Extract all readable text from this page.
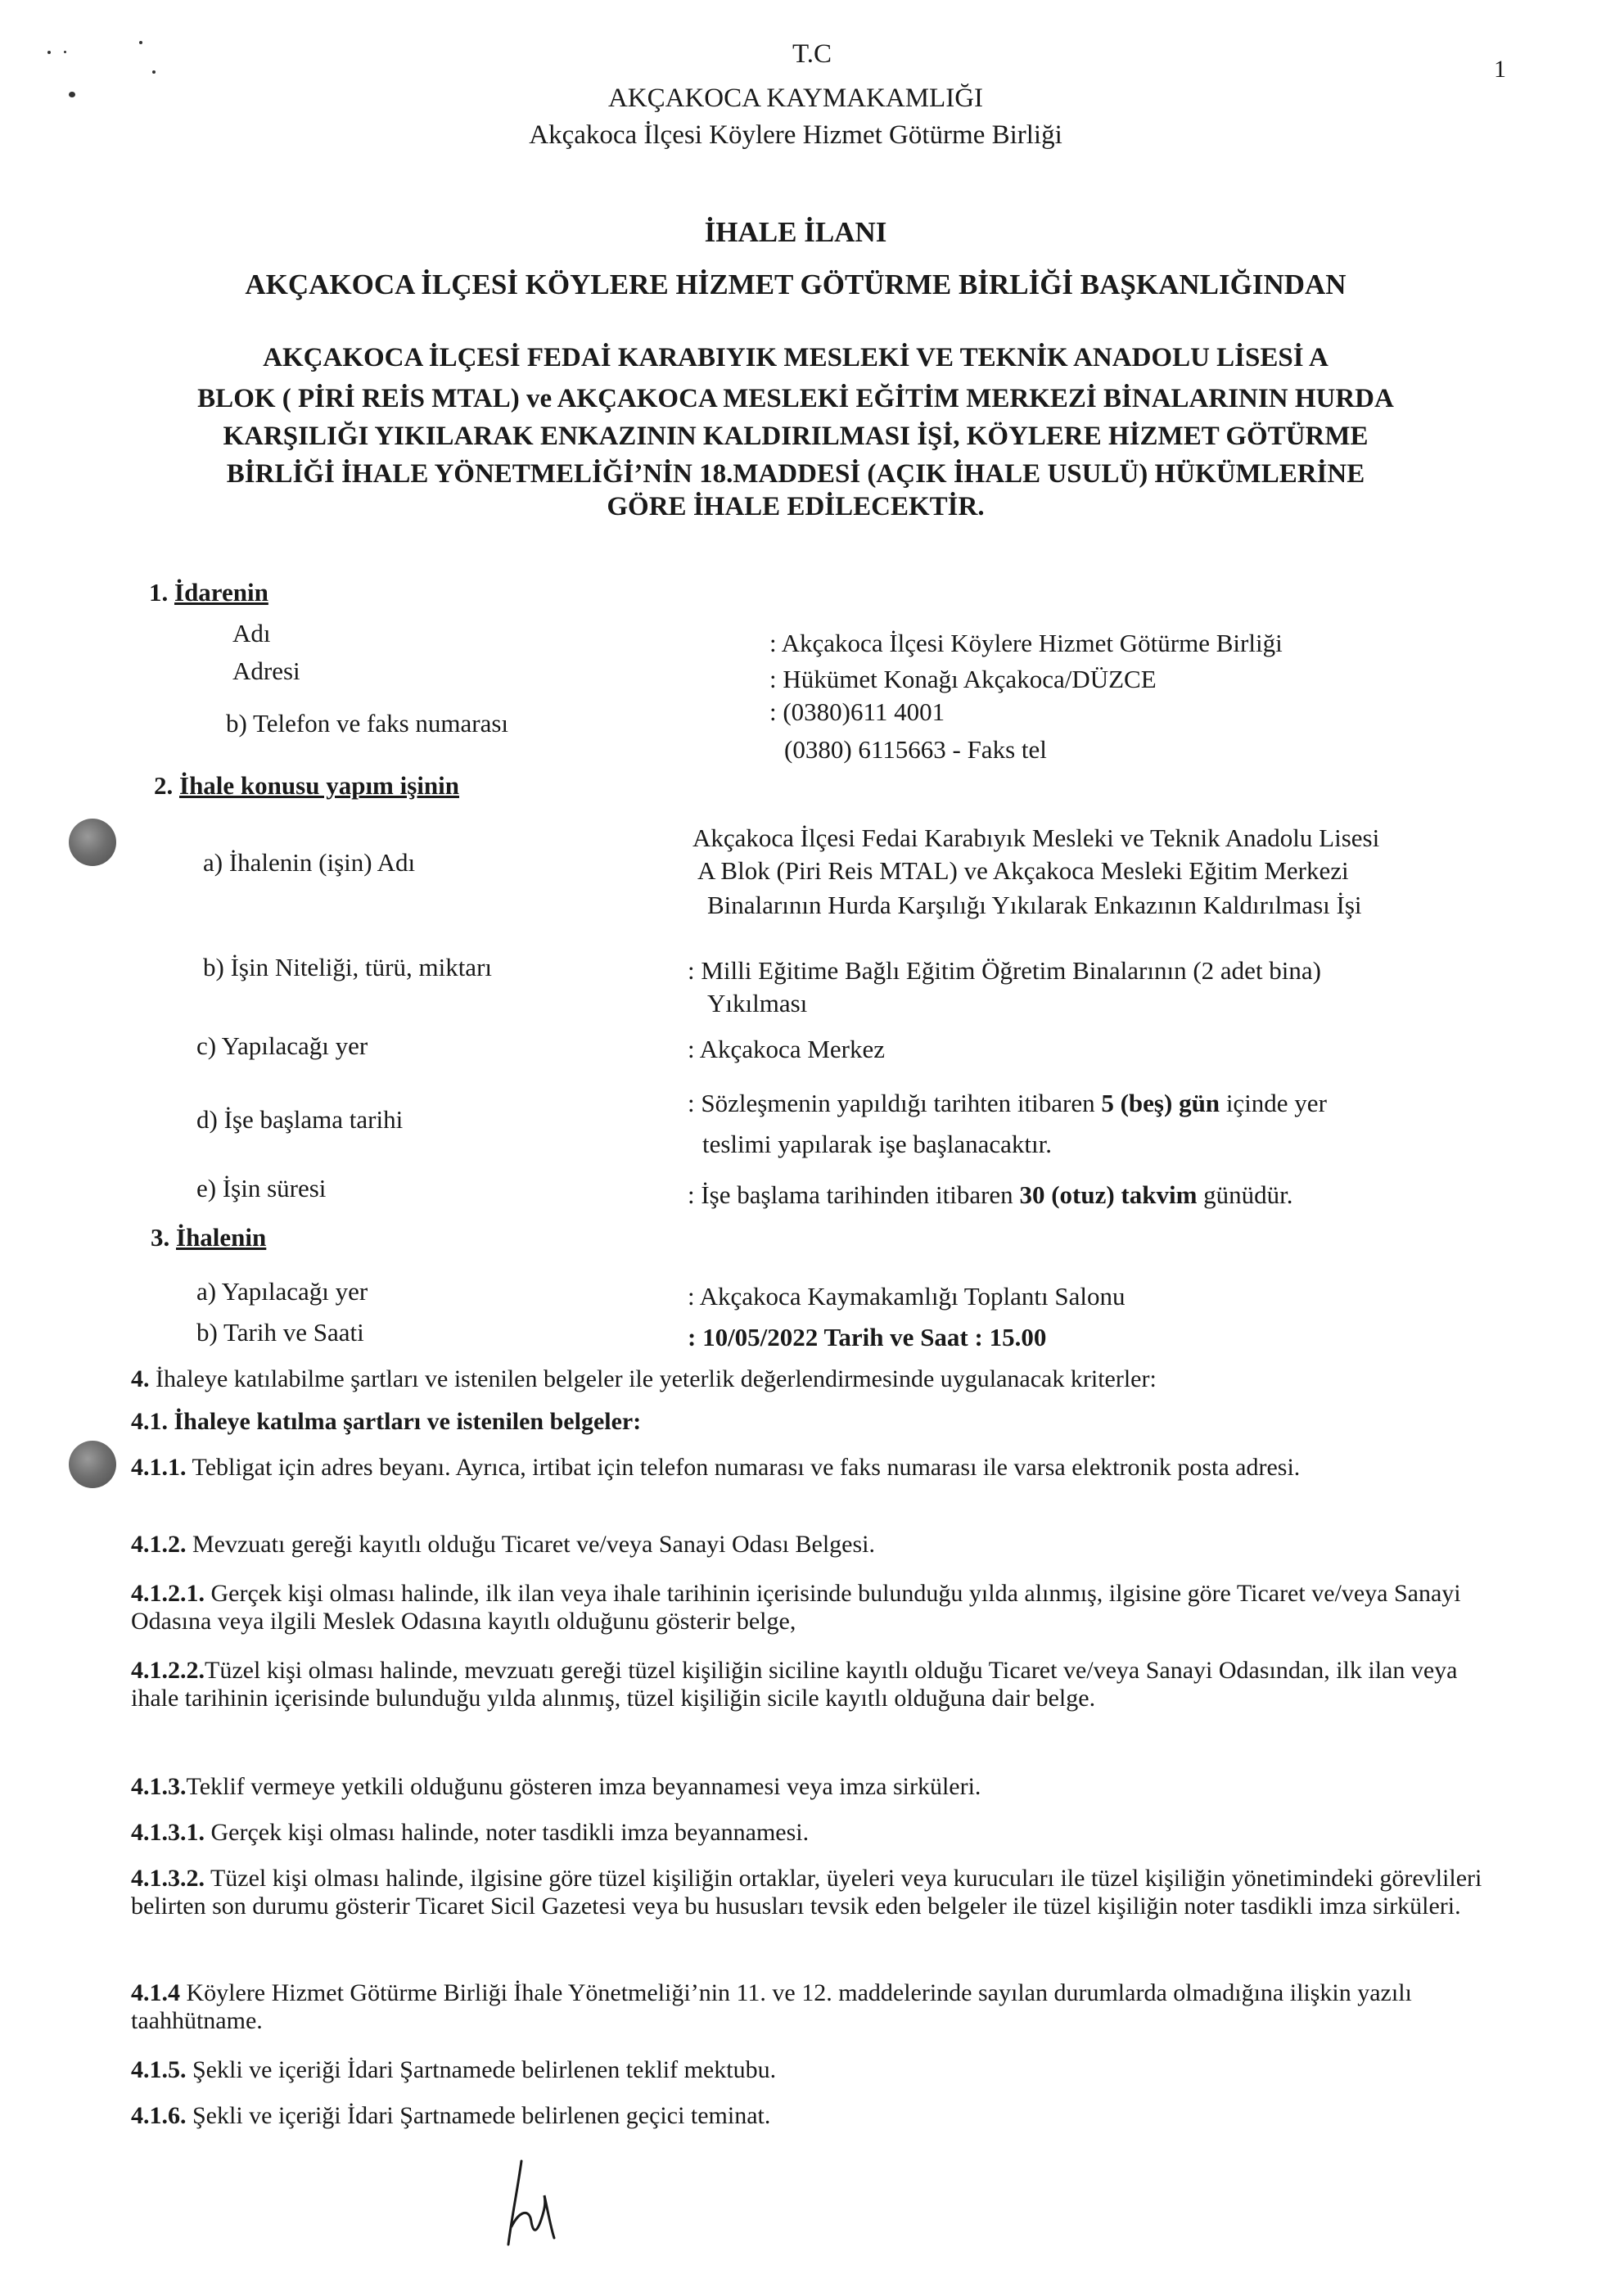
1
T.C
AKÇAKOCA KAYMAKAMLIĞI
Akçakoca İlçesi Köylere Hizmet Götürme Birliği
İHALE İLANI
AKÇAKOCA İLÇESİ KÖYLERE HİZMET GÖTÜRME BİRLİĞİ BAŞKANLIĞINDAN
AKÇAKOCA İLÇESİ FEDAİ KARABIYIK MESLEKİ VE TEKNİK ANADOLU LİSESİ A
BLOK ( PİRİ REİS MTAL) ve AKÇAKOCA MESLEKİ EĞİTİM MERKEZİ BİNALARININ HURDA
KARŞILIĞI YIKILARAK ENKAZININ KALDIRILMASI İŞİ, KÖYLERE HİZMET GÖTÜRME
BİRLİĞİ İHALE YÖNETMELİĞİ’NİN 18.MADDESİ (AÇIK İHALE USULÜ) HÜKÜMLERİNE
GÖRE İHALE EDİLECEKTİR.
1. İdarenin
Adı	: Akçakoca İlçesi Köylere Hizmet Götürme Birliği
Adresi	: Hükümet Konağı Akçakoca/DÜZCE
b) Telefon ve faks numarası	: (0380)611 4001
(0380) 6115663 - Faks tel
2. İhale konusu yapım işinin
a) İhalenin (işin) Adı
Akçakoca İlçesi Fedai Karabıyık Mesleki ve Teknik Anadolu Lisesi
A Blok (Piri Reis MTAL) ve Akçakoca Mesleki Eğitim Merkezi
Binalarının Hurda Karşılığı Yıkılarak Enkazının Kaldırılması İşi
b) İşin Niteliği, türü, miktarı	: Milli Eğitime Bağlı Eğitim Öğretim Binalarının (2 adet bina)
Yıkılması
c) Yapılacağı yer	: Akçakoca Merkez
d) İşe başlama tarihi
: Sözleşmenin yapıldığı tarihten itibaren 5 (beş) gün içinde yer
teslimi yapılarak işe başlanacaktır.
e) İşin süresi	: İşe başlama tarihinden itibaren 30 (otuz) takvim günüdür.
3. İhalenin
a) Yapılacağı yer	: Akçakoca Kaymakamlığı Toplantı Salonu
b) Tarih ve Saati	: 10/05/2022 Tarih ve Saat : 15.00
4. İhaleye katılabilme şartları ve istenilen belgeler ile yeterlik değerlendirmesinde uygulanacak kriterler:
4.1. İhaleye katılma şartları ve istenilen belgeler:
4.1.1. Tebligat için adres beyanı. Ayrıca, irtibat için telefon numarası ve faks numarası ile varsa elektronik posta adresi.
4.1.2. Mevzuatı gereği kayıtlı olduğu Ticaret ve/veya Sanayi Odası Belgesi.
4.1.2.1. Gerçek kişi olması halinde, ilk ilan veya ihale tarihinin içerisinde bulunduğu yılda alınmış, ilgisine göre Ticaret ve/veya Sanayi Odasına veya ilgili Meslek Odasına kayıtlı olduğunu gösterir belge,
4.1.2.2.Tüzel kişi olması halinde, mevzuatı gereği tüzel kişiliğin siciline kayıtlı olduğu Ticaret ve/veya Sanayi Odasından, ilk ilan veya ihale tarihinin içerisinde bulunduğu yılda alınmış, tüzel kişiliğin sicile kayıtlı olduğuna dair belge.
4.1.3.Teklif vermeye yetkili olduğunu gösteren imza beyannamesi veya imza sirküleri.
4.1.3.1. Gerçek kişi olması halinde, noter tasdikli imza beyannamesi.
4.1.3.2. Tüzel kişi olması halinde, ilgisine göre tüzel kişiliğin ortaklar, üyeleri veya kurucuları ile tüzel kişiliğin yönetimindeki görevlileri belirten son durumu gösterir Ticaret Sicil Gazetesi veya bu hususları tevsik eden belgeler ile tüzel kişiliğin noter tasdikli imza sirküleri.
4.1.4 Köylere Hizmet Götürme Birliği İhale Yönetmeliği’nin 11. ve 12. maddelerinde sayılan durumlarda olmadığına ilişkin yazılı taahhütname.
4.1.5. Şekli ve içeriği İdari Şartnamede belirlenen teklif mektubu.
4.1.6. Şekli ve içeriği İdari Şartnamede belirlenen geçici teminat.
